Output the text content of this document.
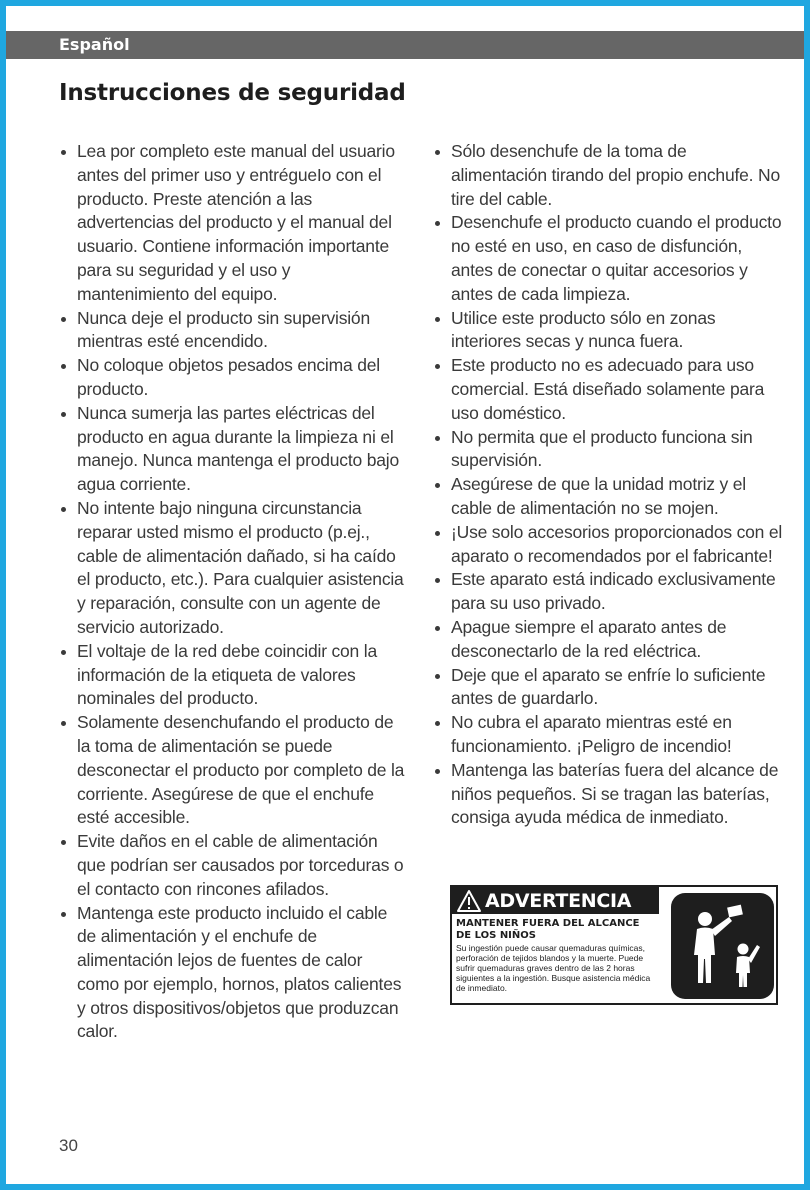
Español
Instrucciones de seguridad
Lea por completo este manual del usuario antes del primer uso y entrégueIo con el producto. Preste atención a las advertencias del producto y el manual del usuario. Contiene información importante para su seguridad y el uso y mantenimiento del equipo.
Nunca deje el producto sin supervisión mientras esté encendido.
No coloque objetos pesados encima del producto.
Nunca sumerja las partes eléctricas del producto en agua durante la limpieza ni el manejo. Nunca mantenga el producto bajo agua corriente.
No intente bajo ninguna circunstancia reparar usted mismo el producto (p.ej., cable de alimentación dañado, si ha caído el producto, etc.). Para cualquier asistencia y reparación, consulte con un agente de servicio autorizado.
El voltaje de la red debe coincidir con la información de la etiqueta de valores nominales del producto.
Solamente desenchufando el producto de la toma de alimentación se puede desconectar el producto por completo de la corriente. Asegúrese de que el enchufe esté accesible.
Evite daños en el cable de alimentación que podrían ser causados por torceduras o el contacto con rincones afilados.
Mantenga este producto incluido el cable de alimentación y el enchufe de alimentación lejos de fuentes de calor como por ejemplo, hornos, platos calientes y otros dispositivos/objetos que produzcan calor.
Sólo desenchufe de la toma de alimentación tirando del propio enchufe. No tire del cable.
Desenchufe el producto cuando el producto no esté en uso, en caso de disfunción, antes de conectar o quitar accesorios y antes de cada limpieza.
Utilice este producto sólo en zonas interiores secas y nunca fuera.
Este producto no es adecuado para uso comercial. Está diseñado solamente para uso doméstico.
No permita que el producto funciona sin supervisión.
Asegúrese de que la unidad motriz y el cable de alimentación no se mojen.
¡Use solo accesorios proporcionados con el aparato o recomendados por el fabricante!
Este aparato está indicado exclusivamente para su uso privado.
Apague siempre el aparato antes de desconectarlo de la red eléctrica.
Deje que el aparato se enfríe lo suficiente antes de guardarlo.
No cubra el aparato mientras esté en funcionamiento. ¡Peligro de incendio!
Mantenga las baterías fuera del alcance de niños pequeños. Si se tragan las baterías, consiga ayuda médica de inmediato.
ADVERTENCIA
MANTENER FUERA DEL ALCANCE DE LOS NIÑOS
Su ingestión puede causar quemaduras químicas, perforación de tejidos blandos y la muerte. Puede sufrir quemaduras graves dentro de las 2 horas siguientes a la ingestión. Busque asistencia médica de inmediato.
30
